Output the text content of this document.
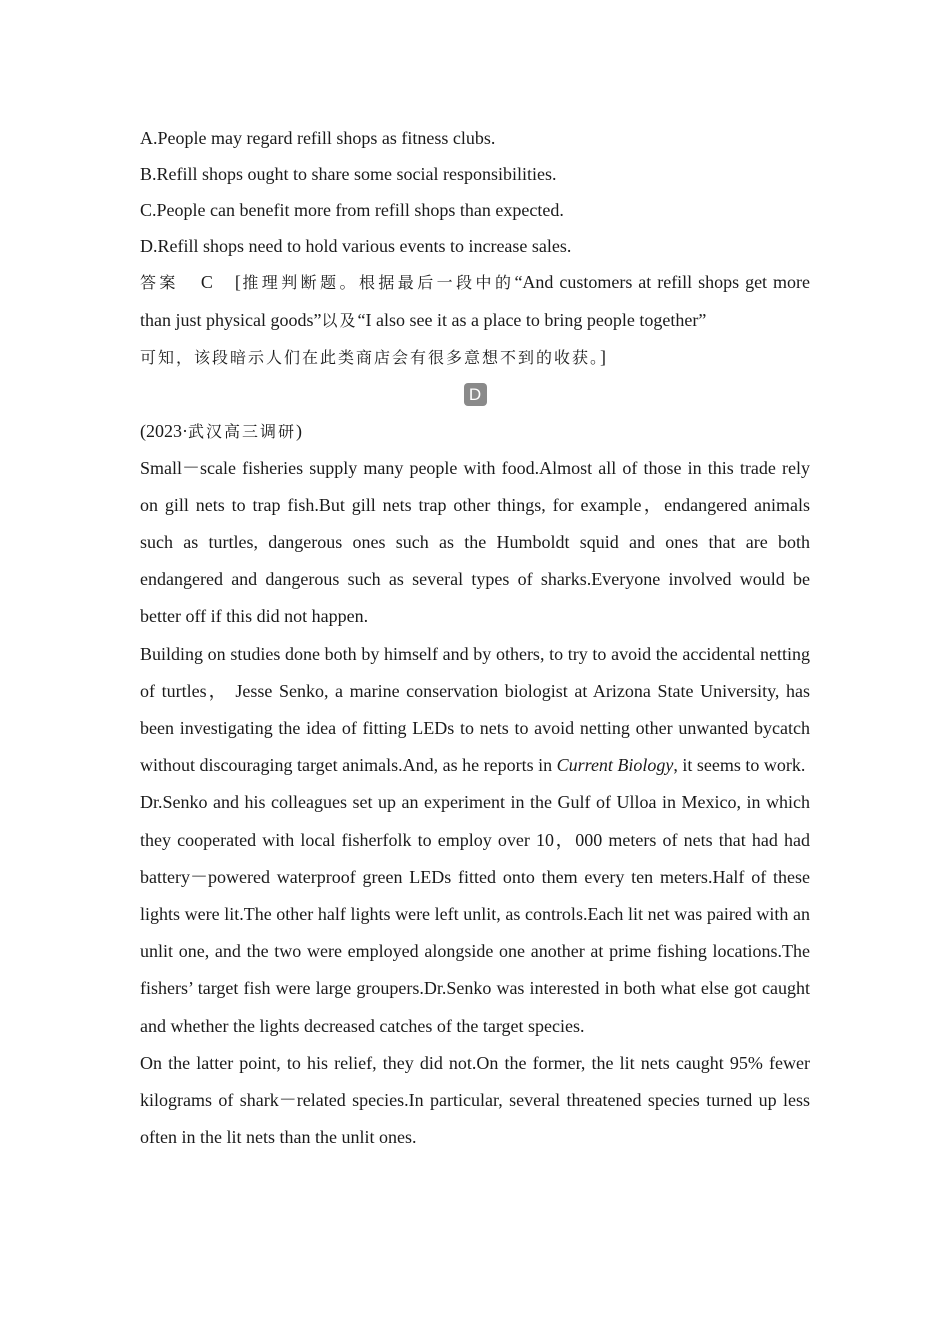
A.People may regard refill shops as fitness clubs.
B.Refill shops ought to share some social responsibilities.
C.People can benefit more from refill shops than expected.
D.Refill shops need to hold various events to increase sales.
答案 C [推理判断题。根据最后一段中的“And customers at refill shops get more than just physical goods”以及“I also see it as a place to bring people together”
可知，该段暗示人们在此类商店会有很多意想不到的收获。]
D
(2023·武汉高三调研)

Small－scale fisheries supply many people with food.Almost all of those in this trade rely on gill nets to trap fish.But gill nets trap other things, for example，endangered animals such as turtles, dangerous ones such as the Humboldt squid and ones that are both endangered and dangerous such as several types of sharks.Everyone involved would be better off if this did not happen.

Building on studies done both by himself and by others, to try to avoid the accidental netting of turtles， Jesse Senko, a marine conservation biologist at Arizona State University, has been investigating the idea of fitting LEDs to nets to avoid netting other unwanted bycatch without discouraging target animals.And, as he reports in Current Biology, it seems to work.

Dr.Senko and his colleagues set up an experiment in the Gulf of Ulloa in Mexico, in which they cooperated with local fisherfolk to employ over 10，000 meters of nets that had had battery－powered waterproof green LEDs fitted onto them every ten meters.Half of these lights were lit.The other half lights were left unlit, as controls.Each lit net was paired with an unlit one, and the two were employed alongside one another at prime fishing locations.The fishers’ target fish were large groupers.Dr.Senko was interested in both what else got caught and whether the lights decreased catches of the target species.

On the latter point, to his relief, they did not.On the former, the lit nets caught 95% fewer kilograms of shark－related species.In particular, several threatened species turned up less often in the lit nets than the unlit ones.
